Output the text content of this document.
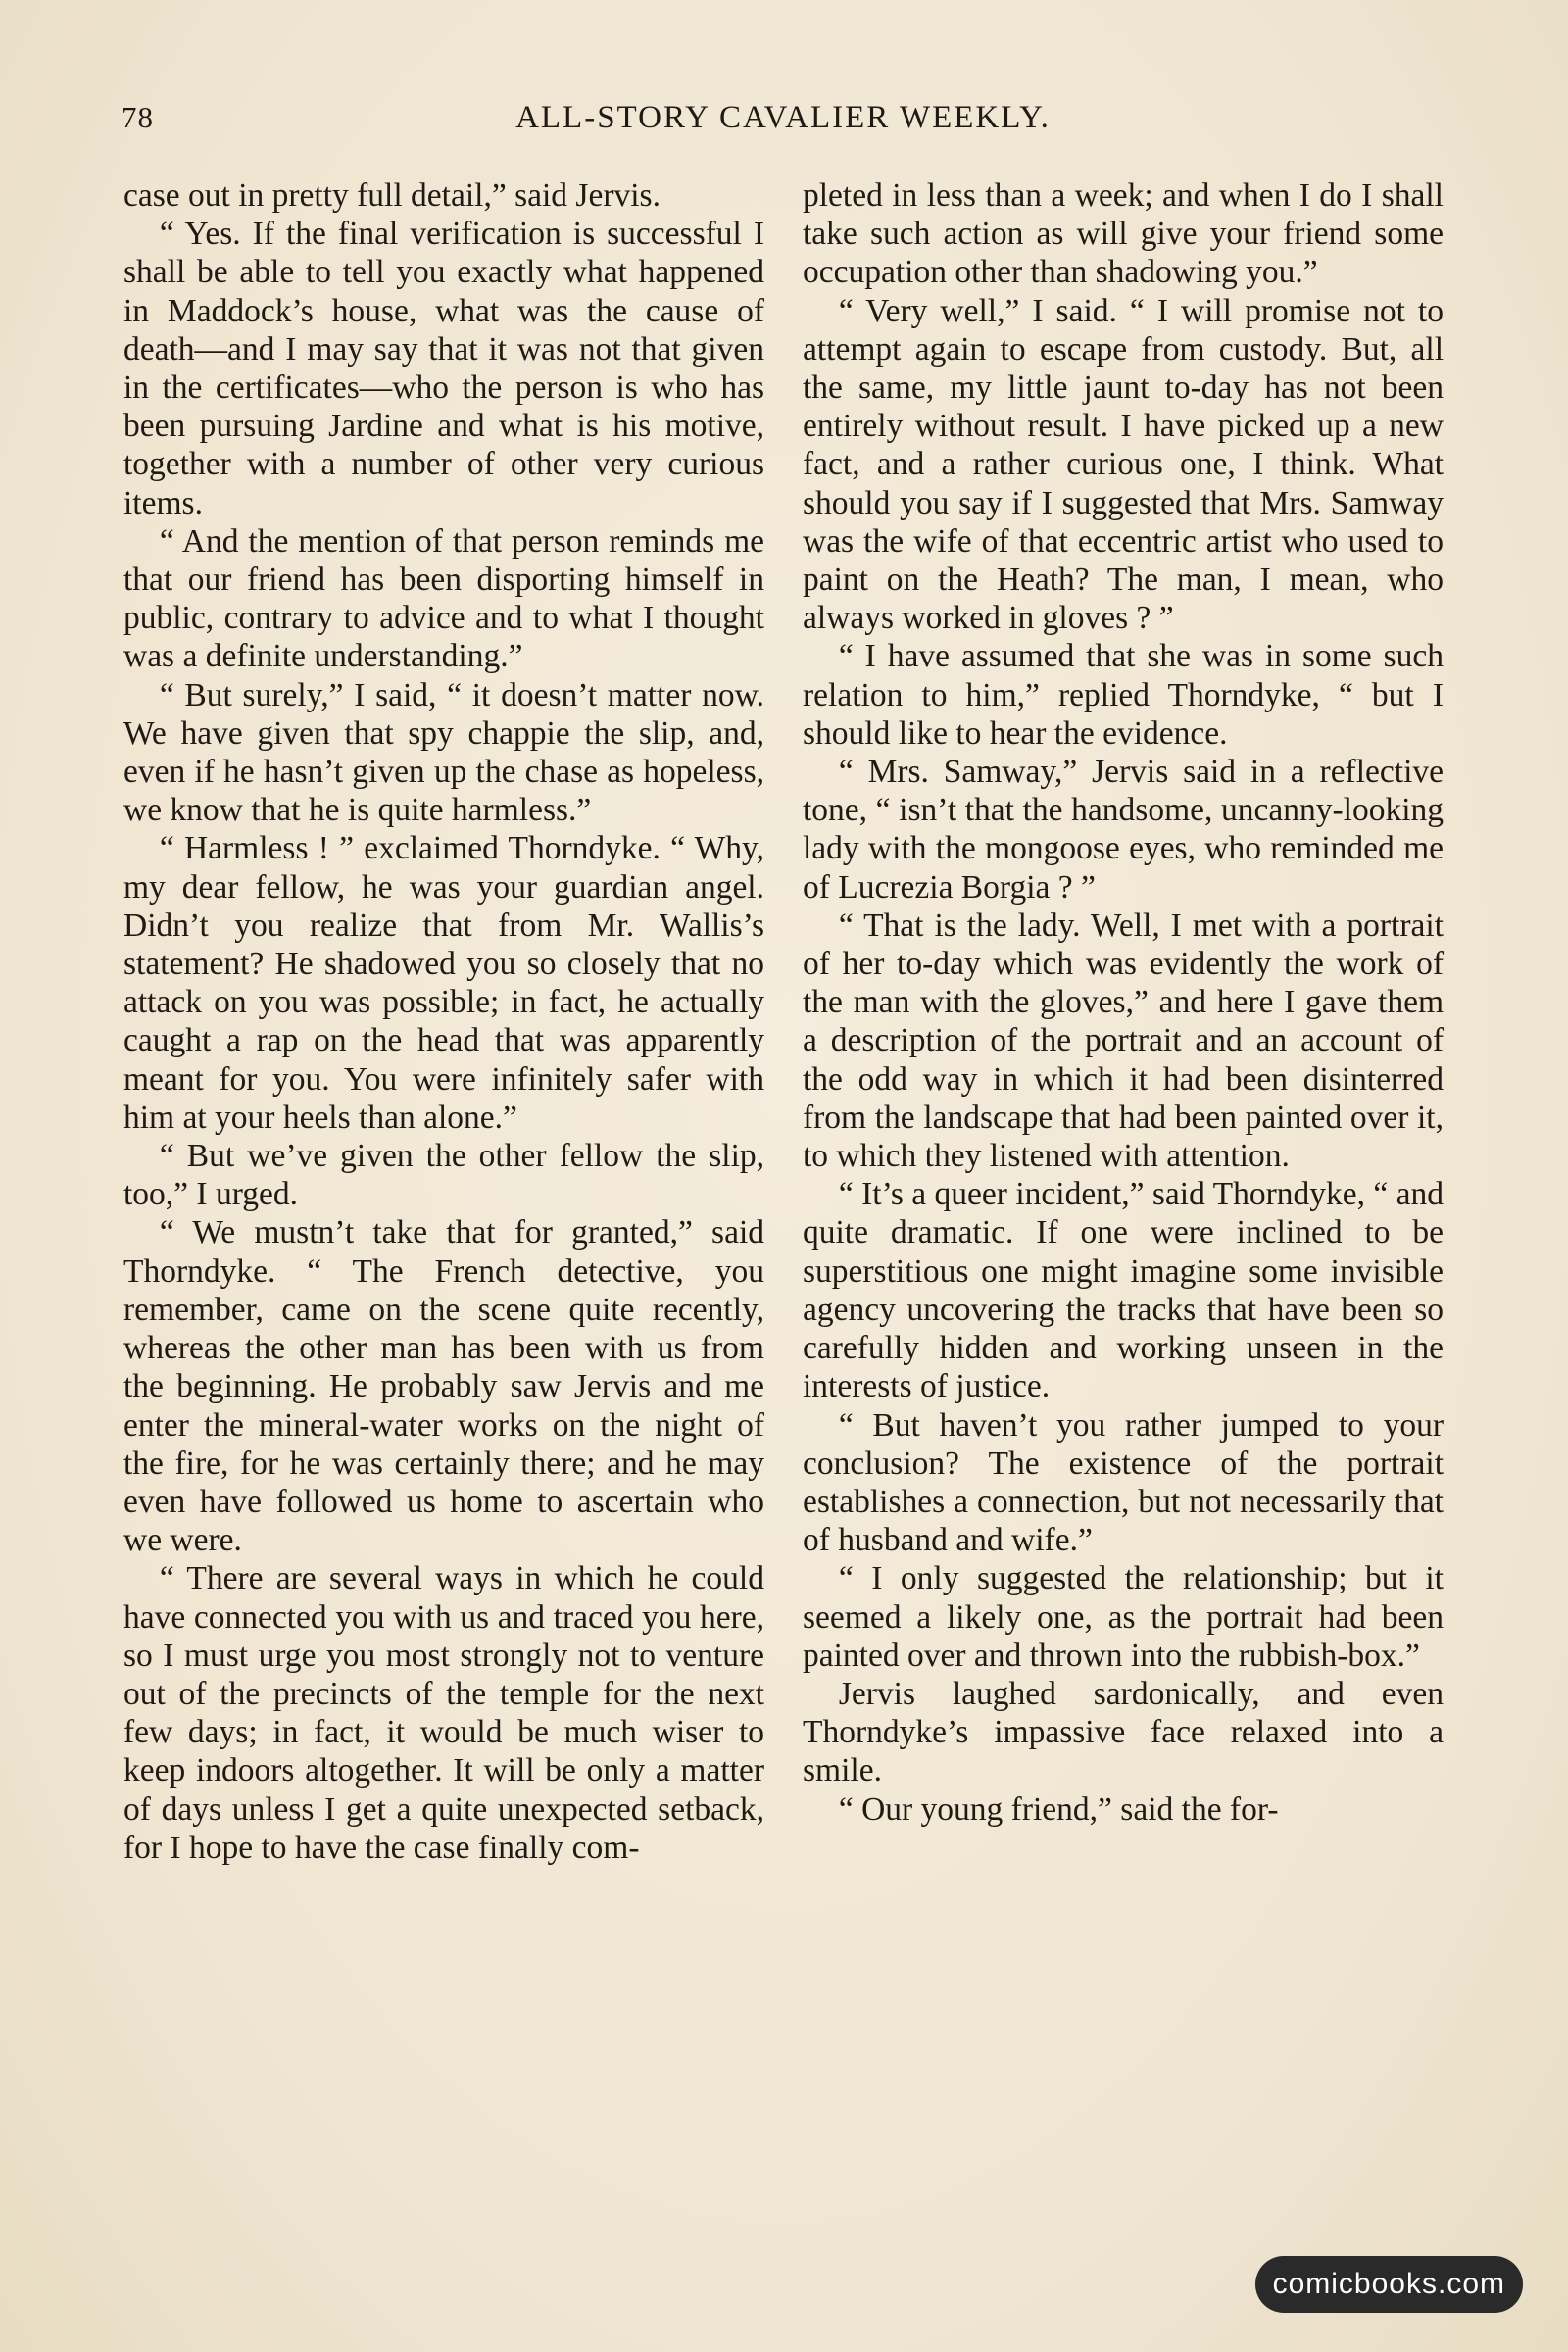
78	ALL-STORY CAVALIER WEEKLY.

case out in pretty full detail,” said Jervis.

“ Yes. If the final verification is successful I shall be able to tell you exactly what happened in Maddock’s house, what was the cause of death—and I may say that it was not that given in the certificates—who the person is who has been pursuing Jardine and what is his motive, together with a number of other very curious items.

“ And the mention of that person reminds me that our friend has been disporting himself in public, contrary to advice and to what I thought was a definite understanding.”

“ But surely,” I said, “ it doesn’t matter now. We have given that spy chappie the slip, and, even if he hasn’t given up the chase as hopeless, we know that he is quite harmless.”

“ Harmless ! ” exclaimed Thorndyke. “ Why, my dear fellow, he was your guardian angel. Didn’t you realize that from Mr. Wallis’s statement? He shadowed you so closely that no attack on you was possible; in fact, he actually caught a rap on the head that was apparently meant for you. You were infinitely safer with him at your heels than alone.”

“ But we’ve given the other fellow the slip, too,” I urged.

“ We mustn’t take that for granted,” said Thorndyke. “ The French detective, you remember, came on the scene quite recently, whereas the other man has been with us from the beginning. He probably saw Jervis and me enter the mineral-water works on the night of the fire, for he was certainly there; and he may even have followed us home to ascertain who we were.

“ There are several ways in which he could have connected you with us and traced you here, so I must urge you most strongly not to venture out of the precincts of the temple for the next few days; in fact, it would be much wiser to keep indoors altogether. It will be only a matter of days unless I get a quite unexpected setback, for I hope to have the case finally com-

pleted in less than a week; and when I do I shall take such action as will give your friend some occupation other than shadowing you.”

“ Very well,” I said. “ I will promise not to attempt again to escape from custody. But, all the same, my little jaunt to-day has not been entirely without result. I have picked up a new fact, and a rather curious one, I think. What should you say if I suggested that Mrs. Samway was the wife of that eccentric artist who used to paint on the Heath? The man, I mean, who always worked in gloves ? ”

“ I have assumed that she was in some such relation to him,” replied Thorndyke, “ but I should like to hear the evidence.

“ Mrs. Samway,” Jervis said in a reflective tone, “ isn’t that the handsome, uncanny-looking lady with the mongoose eyes, who reminded me of Lucrezia Borgia ? ”

“ That is the lady. Well, I met with a portrait of her to-day which was evidently the work of the man with the gloves,” and here I gave them a description of the portrait and an account of the odd way in which it had been disinterred from the landscape that had been painted over it, to which they listened with attention.

“ It’s a queer incident,” said Thorndyke, “ and quite dramatic. If one were inclined to be superstitious one might imagine some invisible agency uncovering the tracks that have been so carefully hidden and working unseen in the interests of justice.

“ But haven’t you rather jumped to your conclusion? The existence of the portrait establishes a connection, but not necessarily that of husband and wife.”

“ I only suggested the relationship; but it seemed a likely one, as the portrait had been painted over and thrown into the rubbish-box.”

Jervis laughed sardonically, and even Thorndyke’s impassive face relaxed into a smile.

“ Our young friend,” said the for-

comicbooks.com
